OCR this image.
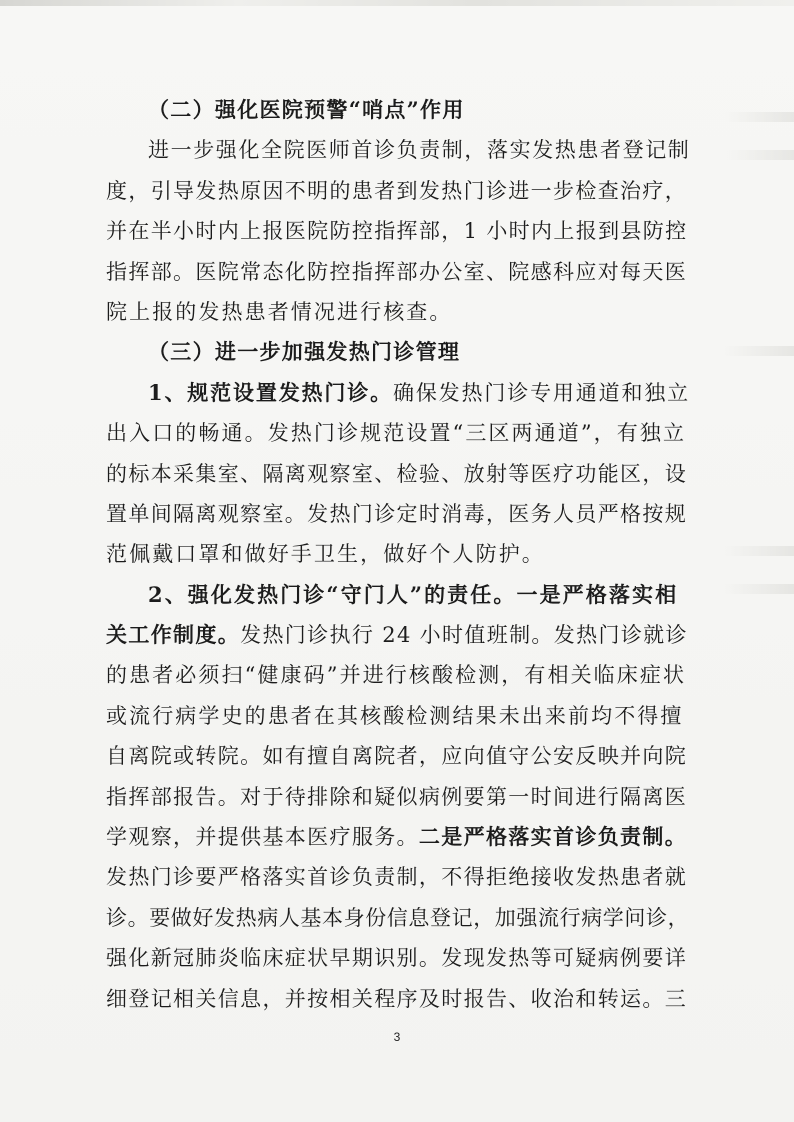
（二）强化医院预警“哨点”作用
进一步强化全院医师首诊负责制，落实发热患者登记制
度，引导发热原因不明的患者到发热门诊进一步检查治疗，
并在半小时内上报医院防控指挥部，1 小时内上报到县防控
指挥部。医院常态化防控指挥部办公室、院感科应对每天医
院上报的发热患者情况进行核查。
（三）进一步加强发热门诊管理
1、规范设置发热门诊。确保发热门诊专用通道和独立
出入口的畅通。发热门诊规范设置“三区两通道”，有独立
的标本采集室、隔离观察室、检验、放射等医疗功能区，设
置单间隔离观察室。发热门诊定时消毒，医务人员严格按规
范佩戴口罩和做好手卫生，做好个人防护。
2、强化发热门诊“守门人”的责任。一是严格落实相
关工作制度。发热门诊执行 24 小时值班制。发热门诊就诊
的患者必须扫“健康码”并进行核酸检测，有相关临床症状
或流行病学史的患者在其核酸检测结果未出来前均不得擅
自离院或转院。如有擅自离院者，应向值守公安反映并向院
指挥部报告。对于待排除和疑似病例要第一时间进行隔离医
学观察，并提供基本医疗服务。二是严格落实首诊负责制。
发热门诊要严格落实首诊负责制，不得拒绝接收发热患者就
诊。要做好发热病人基本身份信息登记，加强流行病学问诊，
强化新冠肺炎临床症状早期识别。发现发热等可疑病例要详
细登记相关信息，并按相关程序及时报告、收治和转运。三
3
